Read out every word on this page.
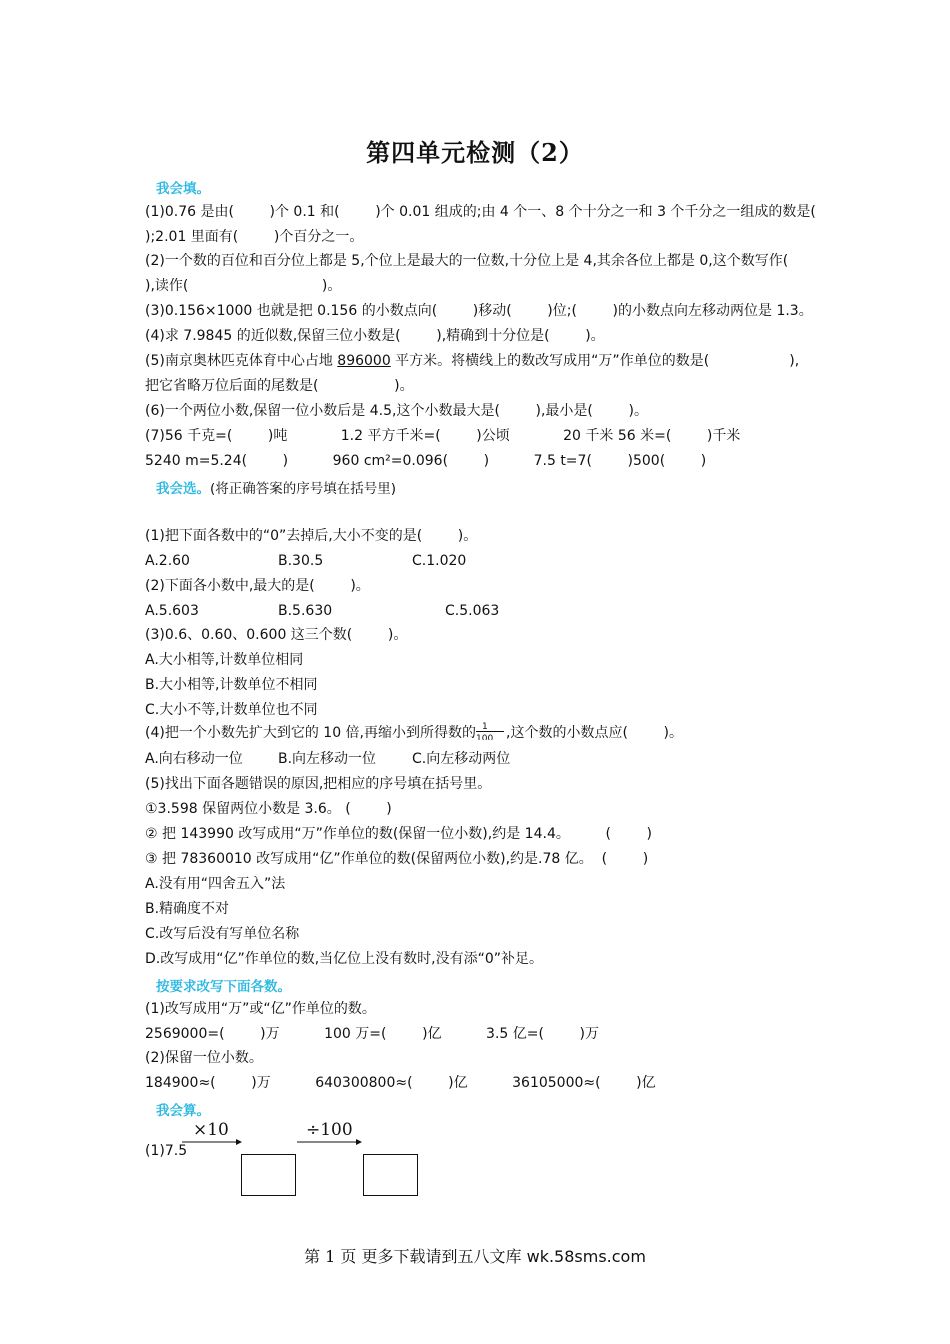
第四单元检测（2）
我会填。
(1)0.76 是由(        )个 0.1 和(        )个 0.01 组成的;由 4 个一、8 个十分之一和 3 个千分之一组成的数是(
);2.01 里面有(        )个百分之一。
(2)一个数的百位和百分位上都是 5,个位上是最大的一位数,十分位上是 4,其余各位上都是 0,这个数写作(
),读作(                              )。
(3)0.156×1000 也就是把 0.156 的小数点向(        )移动(        )位;(        )的小数点向左移动两位是 1.3。
(4)求 7.9845 的近似数,保留三位小数是(        ),精确到十分位是(        )。
(5)南京奥林匹克体育中心占地 896000 平方米。将横线上的数改写成用“万”作单位的数是(                  ),
把它省略万位后面的尾数是(                 )。
(6)一个两位小数,保留一位小数后是 4.5,这个小数最大是(        ),最小是(        )。
(7)56 千克=(        )吨            1.2 平方千米=(        )公顷            20 千米 56 米=(        )千米
5240 m=5.24(        )          960 cm²=0.096(        )          7.5 t=7(        )500(        )
我会选。(将正确答案的序号填在括号里)
(1)把下面各数中的“0”去掉后,大小不变的是(        )。
A.2.60	B.30.5	C.1.020
(2)下面各小数中,最大的是(        )。
A.5.603	B.5.630	C.5.063
(3)0.6、0.60、0.600 这三个数(        )。
A.大小相等,计数单位相同
B.大小相等,计数单位不相同
C.大小不等,计数单位也不同
(4)把一个小数先扩大到它的 10 倍,再缩小到所得数的 1
100 ,这个数的小数点应(        )。
A.向右移动一位	B.向左移动一位	C.向左移动两位
(5)找出下面各题错误的原因,把相应的序号填在括号里。
①3.598 保留两位小数是 3.6。 (        )
② 把 143990 改写成用“万”作单位的数(保留一位小数),约是 14.4。        (        )
③ 把 78360010 改写成用“亿”作单位的数(保留两位小数),约是.78 亿。  (        )
A.没有用“四舍五入”法
B.精确度不对
C.改写后没有写单位名称
D.改写成用“亿”作单位的数,当亿位上没有数时,没有添“0”补足。
按要求改写下面各数。
(1)改写成用“万”或“亿”作单位的数。
2569000=(        )万          100 万=(        )亿          3.5 亿=(        )万
(2)保留一位小数。
184900≈(        )万          640300800≈(        )亿          36105000≈(        )亿
我会算。
(1)7.5
×10	÷100
第 1 页 更多下载请到五八文库 wk.58sms.com
